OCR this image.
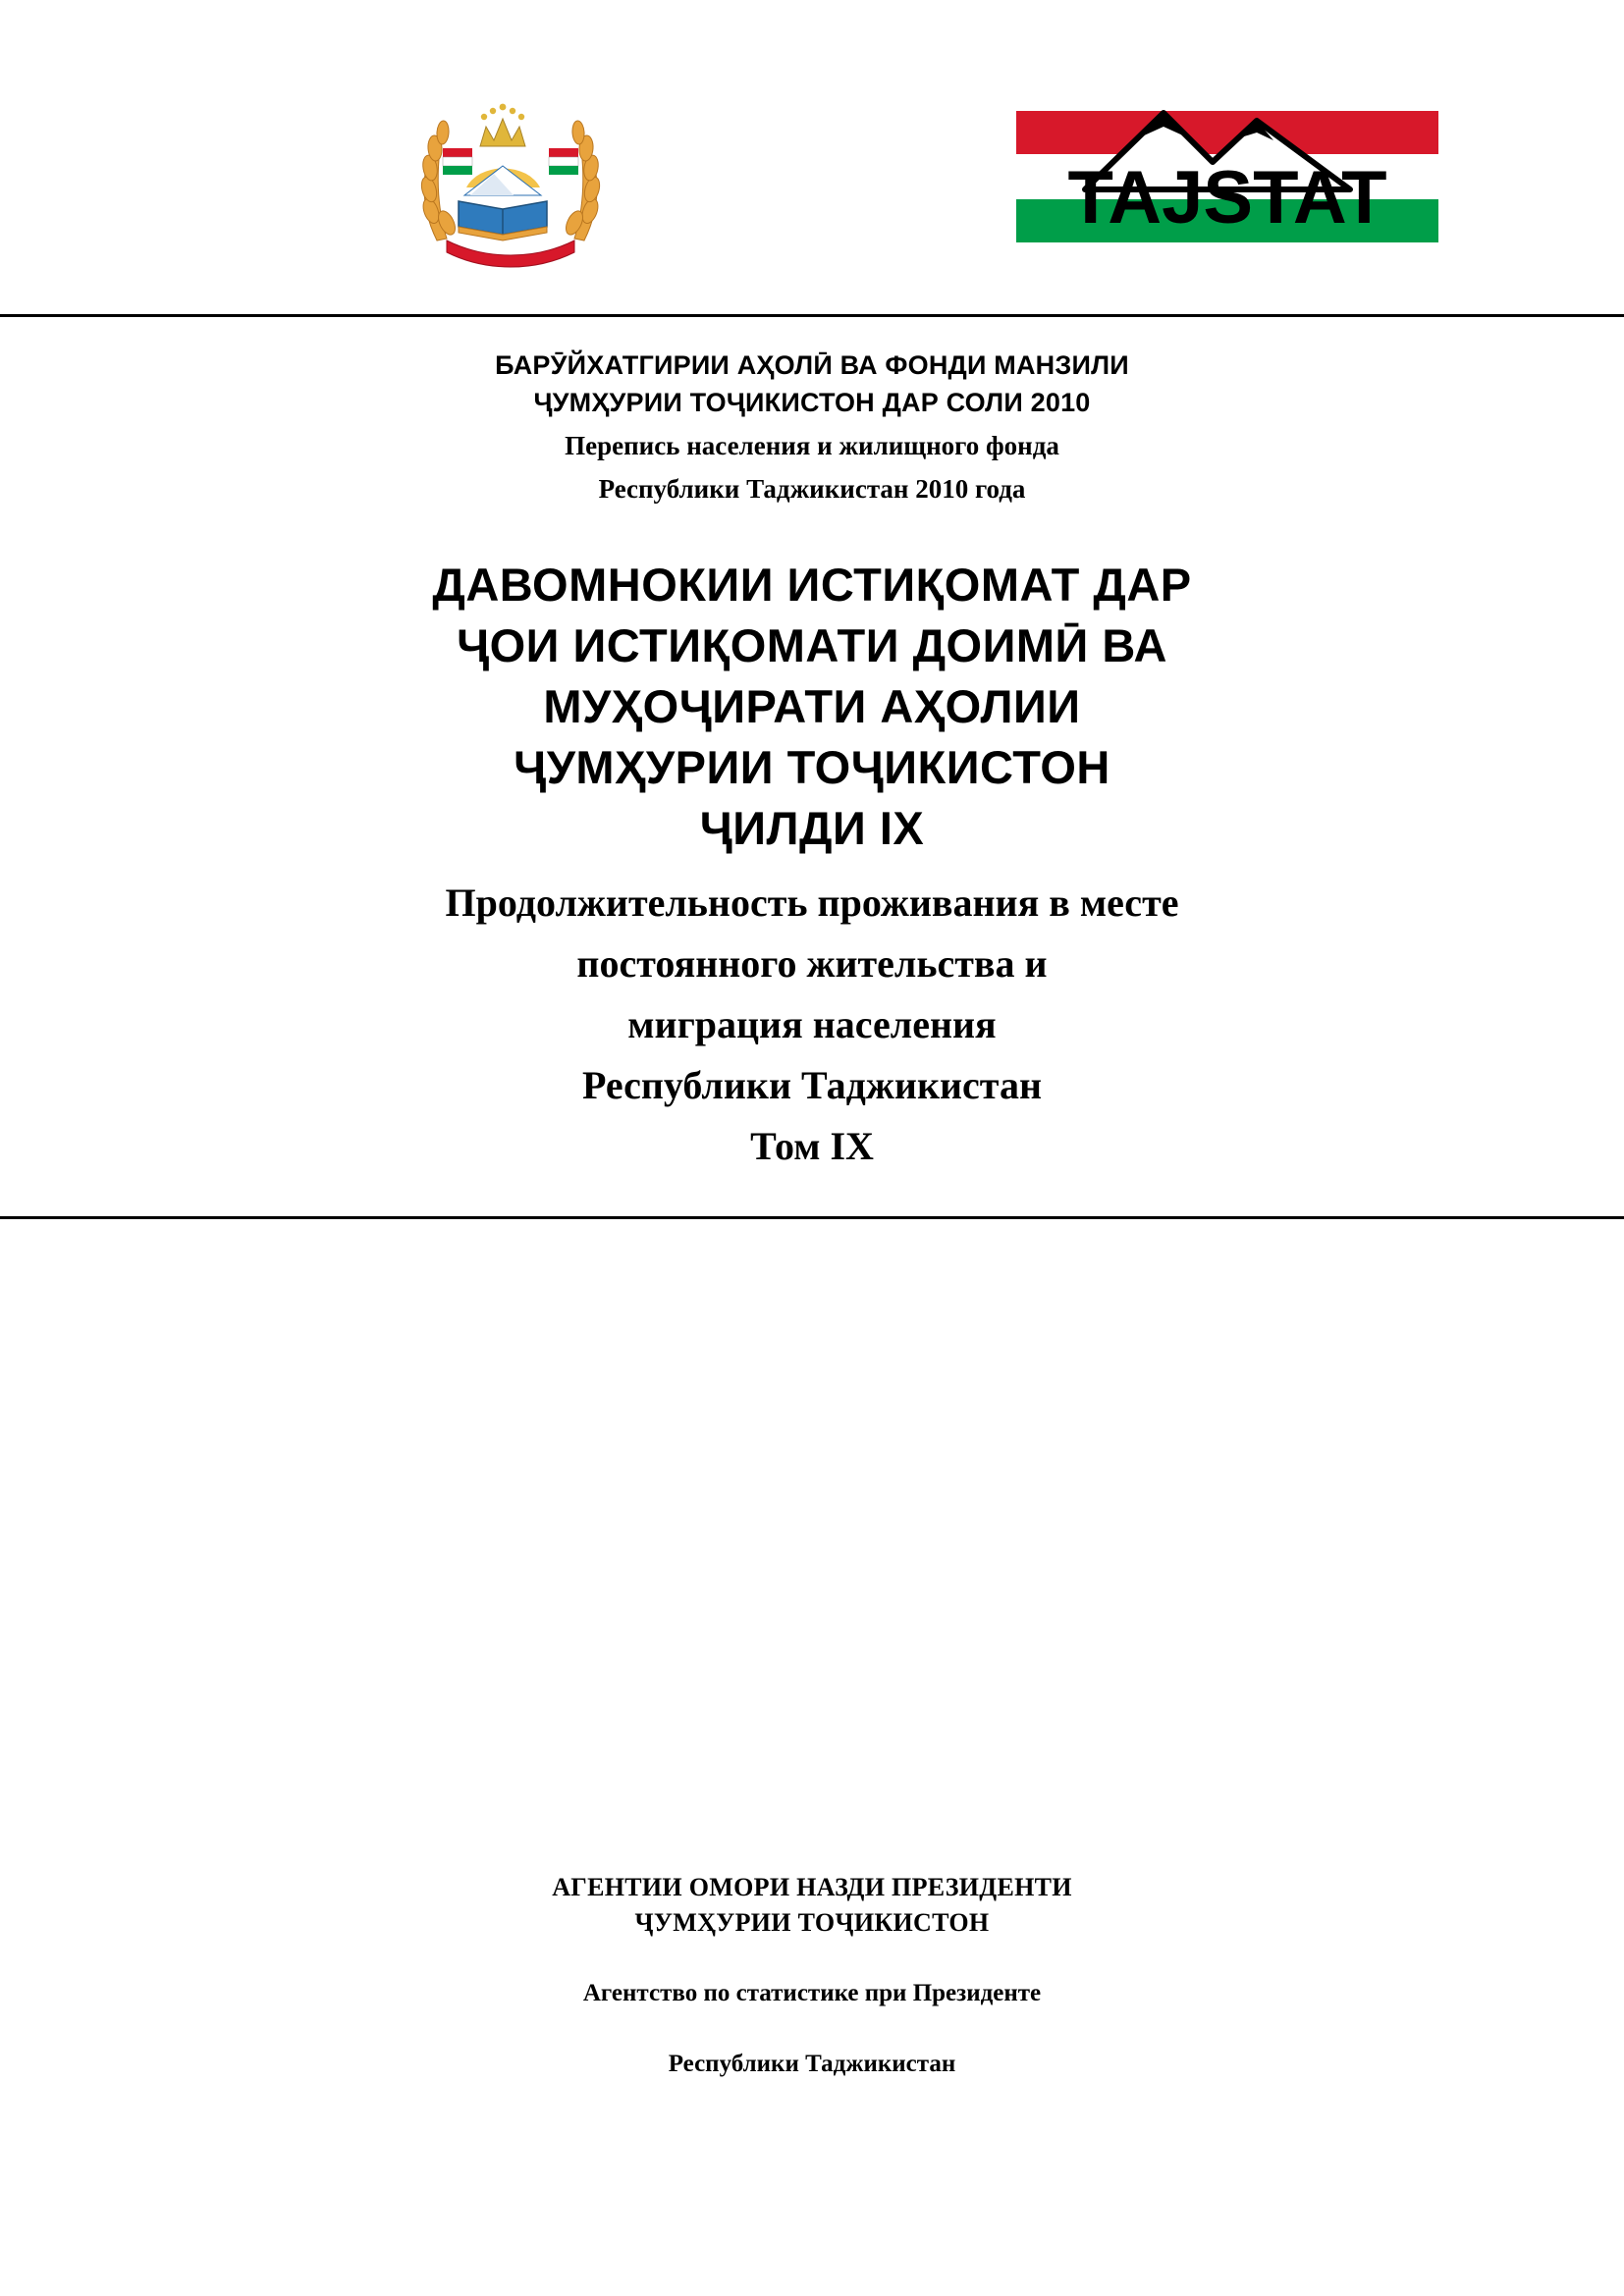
TAJSTAT
БАРӮЙХАТГИРИИ АҲОЛӢ ВА ФОНДИ МАНЗИЛИ
ҶУМҲУРИИ ТОҶИКИСТОН ДАР СОЛИ 2010
Перепись населения и жилищного фонда
Республики Таджикистан 2010 года
ДАВОМНОКИИ ИСТИҚОМАТ ДАР
ҶОИ ИСТИҚОМАТИ ДОИМӢ ВА
МУҲОҶИРАТИ АҲОЛИИ
ҶУМҲУРИИ ТОҶИКИСТОН
ҶИЛДИ IX
Продолжительность проживания в месте
постоянного жительства и
миграция населения
Республики Таджикистан
Том IX
АГЕНТИИ ОМОРИ НАЗДИ ПРЕЗИДЕНТИ
ҶУМҲУРИИ ТОҶИКИСТОН
Агентство по статистике при Президенте
Республики Таджикистан
